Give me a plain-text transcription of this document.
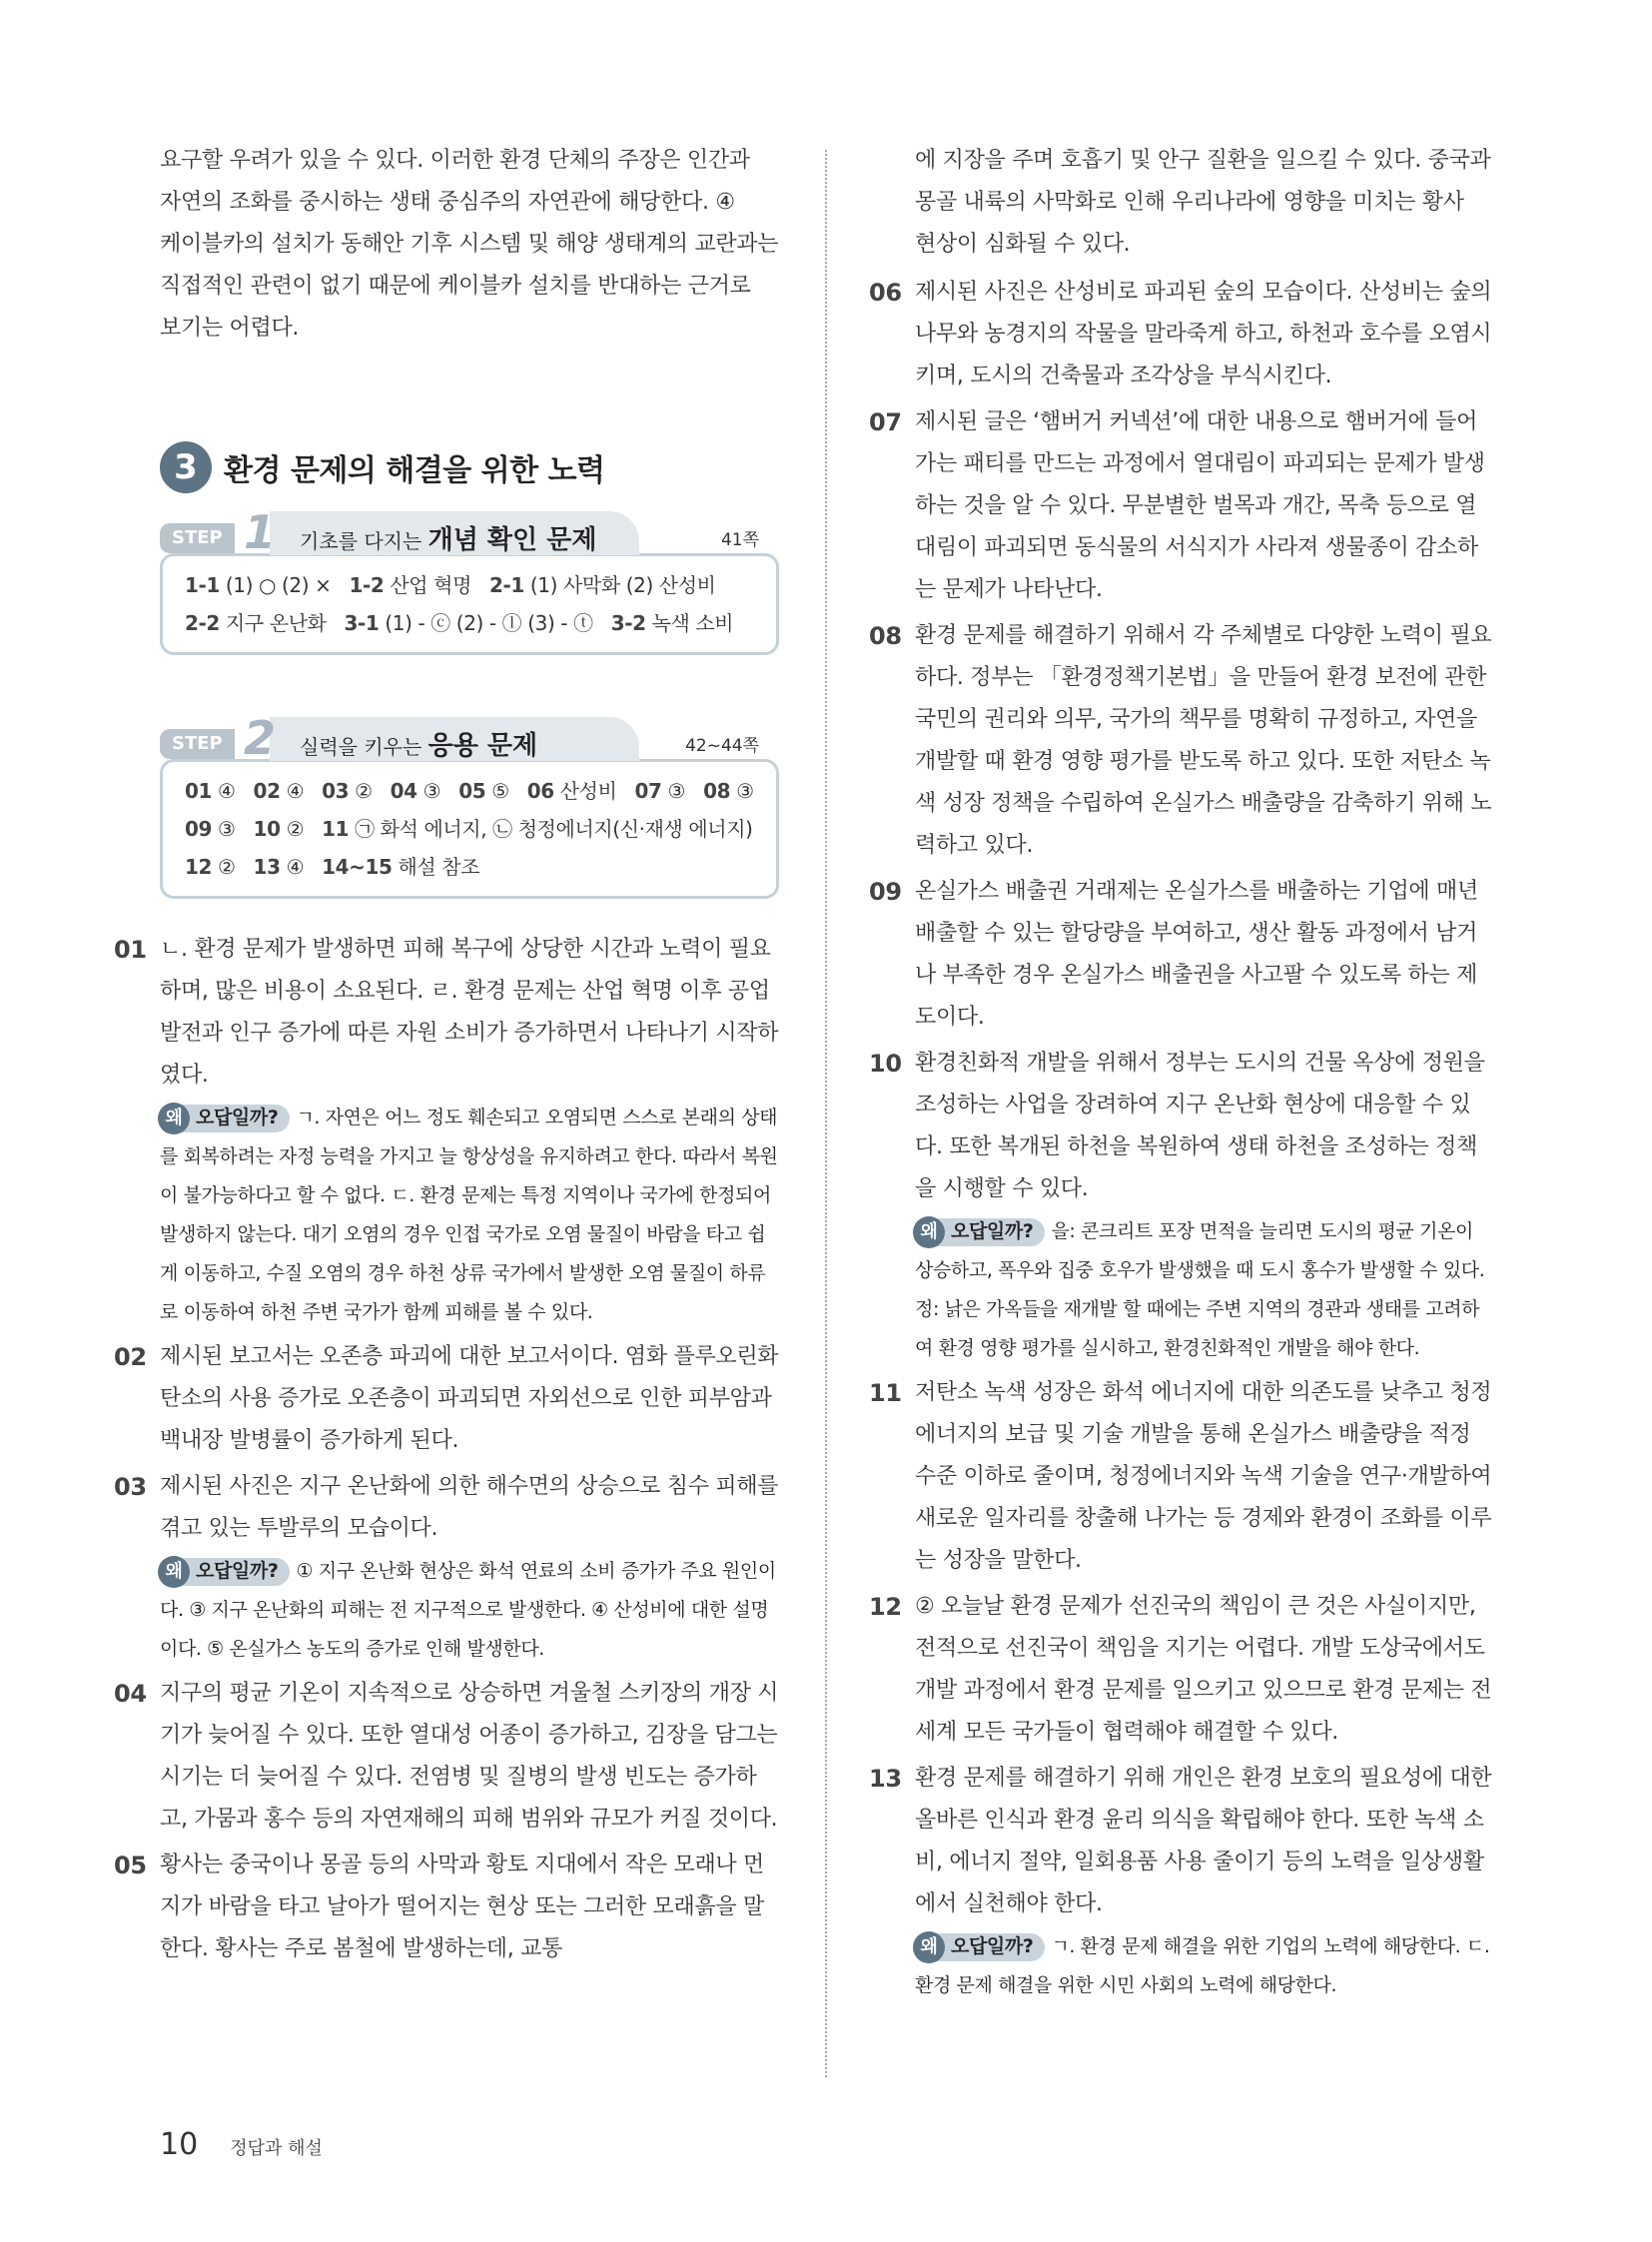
요구할 우려가 있을 수 있다. 이러한 환경 단체의 주장은 인간과 자연의 조화를 중시하는 생태 중심주의 자연관에 해당한다. ④ 케이블카의 설치가 동해안 기후 시스템 및 해양 생태계의 교란과는 직접적인 관련이 없기 때문에 케이블카 설치를 반대하는 근거로 보기는 어렵다.
3 환경 문제의 해결을 위한 노력
STEP 1 기초를 다지는 개념 확인 문제	41쪽
1-1 (1) ○ (2) × 1-2 산업 혁명 2-1 (1) 사막화 (2) 산성비
2-2 지구 온난화 3-1 (1) - ⓒ (2) - ⓛ (3) - ⓣ 3-2 녹색 소비
STEP 2 실력을 키우는 응용 문제	42~44쪽
01 ④ 02 ④ 03 ② 04 ③ 05 ⑤ 06 산성비 07 ③ 08 ③
09 ③ 10 ② 11 ㉠ 화석 에너지, ㉡ 청정에너지(신·재생 에너지)
12 ② 13 ④ 14~15 해설 참조
01 ㄴ. 환경 문제가 발생하면 피해 복구에 상당한 시간과 노력이 필요하며, 많은 비용이 소요된다. ㄹ. 환경 문제는 산업 혁명 이후 공업 발전과 인구 증가에 따른 자원 소비가 증가하면서 나타나기 시작하였다.
왜 오답일까? ㄱ. 자연은 어느 정도 훼손되고 오염되면 스스로 본래의 상태를 회복하려는 자정 능력을 가지고 늘 항상성을 유지하려고 한다. 따라서 복원이 불가능하다고 할 수 없다. ㄷ. 환경 문제는 특정 지역이나 국가에 한정되어 발생하지 않는다. 대기 오염의 경우 인접 국가로 오염 물질이 바람을 타고 쉽게 이동하고, 수질 오염의 경우 하천 상류 국가에서 발생한 오염 물질이 하류로 이동하여 하천 주변 국가가 함께 피해를 볼 수 있다.
02 제시된 보고서는 오존층 파괴에 대한 보고서이다. 염화 플루오린화 탄소의 사용 증가로 오존층이 파괴되면 자외선으로 인한 피부암과 백내장 발병률이 증가하게 된다.
03 제시된 사진은 지구 온난화에 의한 해수면의 상승으로 침수 피해를 겪고 있는 투발루의 모습이다.
왜 오답일까? ① 지구 온난화 현상은 화석 연료의 소비 증가가 주요 원인이다. ③ 지구 온난화의 피해는 전 지구적으로 발생한다. ④ 산성비에 대한 설명이다. ⑤ 온실가스 농도의 증가로 인해 발생한다.
04 지구의 평균 기온이 지속적으로 상승하면 겨울철 스키장의 개장 시기가 늦어질 수 있다. 또한 열대성 어종이 증가하고, 김장을 담그는 시기는 더 늦어질 수 있다. 전염병 및 질병의 발생 빈도는 증가하고, 가뭄과 홍수 등의 자연재해의 피해 범위와 규모가 커질 것이다.
05 황사는 중국이나 몽골 등의 사막과 황토 지대에서 작은 모래나 먼지가 바람을 타고 날아가 떨어지는 현상 또는 그러한 모래흙을 말한다. 황사는 주로 봄철에 발생하는데, 교통
에 지장을 주며 호흡기 및 안구 질환을 일으킬 수 있다. 중국과 몽골 내륙의 사막화로 인해 우리나라에 영향을 미치는 황사 현상이 심화될 수 있다.
06 제시된 사진은 산성비로 파괴된 숲의 모습이다. 산성비는 숲의 나무와 농경지의 작물을 말라죽게 하고, 하천과 호수를 오염시키며, 도시의 건축물과 조각상을 부식시킨다.
07 제시된 글은 ‘햄버거 커넥션’에 대한 내용으로 햄버거에 들어가는 패티를 만드는 과정에서 열대림이 파괴되는 문제가 발생하는 것을 알 수 있다. 무분별한 벌목과 개간, 목축 등으로 열대림이 파괴되면 동식물의 서식지가 사라져 생물종이 감소하는 문제가 나타난다.
08 환경 문제를 해결하기 위해서 각 주체별로 다양한 노력이 필요하다. 정부는 「환경정책기본법」을 만들어 환경 보전에 관한 국민의 권리와 의무, 국가의 책무를 명확히 규정하고, 자연을 개발할 때 환경 영향 평가를 받도록 하고 있다. 또한 저탄소 녹색 성장 정책을 수립하여 온실가스 배출량을 감축하기 위해 노력하고 있다.
09 온실가스 배출권 거래제는 온실가스를 배출하는 기업에 매년 배출할 수 있는 할당량을 부여하고, 생산 활동 과정에서 남거나 부족한 경우 온실가스 배출권을 사고팔 수 있도록 하는 제도이다.
10 환경친화적 개발을 위해서 정부는 도시의 건물 옥상에 정원을 조성하는 사업을 장려하여 지구 온난화 현상에 대응할 수 있다. 또한 복개된 하천을 복원하여 생태 하천을 조성하는 정책을 시행할 수 있다.
왜 오답일까? 을: 콘크리트 포장 면적을 늘리면 도시의 평균 기온이 상승하고, 폭우와 집중 호우가 발생했을 때 도시 홍수가 발생할 수 있다. 정: 낡은 가옥들을 재개발 할 때에는 주변 지역의 경관과 생태를 고려하여 환경 영향 평가를 실시하고, 환경친화적인 개발을 해야 한다.
11 저탄소 녹색 성장은 화석 에너지에 대한 의존도를 낮추고 청정에너지의 보급 및 기술 개발을 통해 온실가스 배출량을 적정 수준 이하로 줄이며, 청정에너지와 녹색 기술을 연구·개발하여 새로운 일자리를 창출해 나가는 등 경제와 환경이 조화를 이루는 성장을 말한다.
12 ② 오늘날 환경 문제가 선진국의 책임이 큰 것은 사실이지만, 전적으로 선진국이 책임을 지기는 어렵다. 개발 도상국에서도 개발 과정에서 환경 문제를 일으키고 있으므로 환경 문제는 전 세계 모든 국가들이 협력해야 해결할 수 있다.
13 환경 문제를 해결하기 위해 개인은 환경 보호의 필요성에 대한 올바른 인식과 환경 윤리 의식을 확립해야 한다. 또한 녹색 소비, 에너지 절약, 일회용품 사용 줄이기 등의 노력을 일상생활에서 실천해야 한다.
왜 오답일까? ㄱ. 환경 문제 해결을 위한 기업의 노력에 해당한다. ㄷ. 환경 문제 해결을 위한 시민 사회의 노력에 해당한다.
10 정답과 해설
